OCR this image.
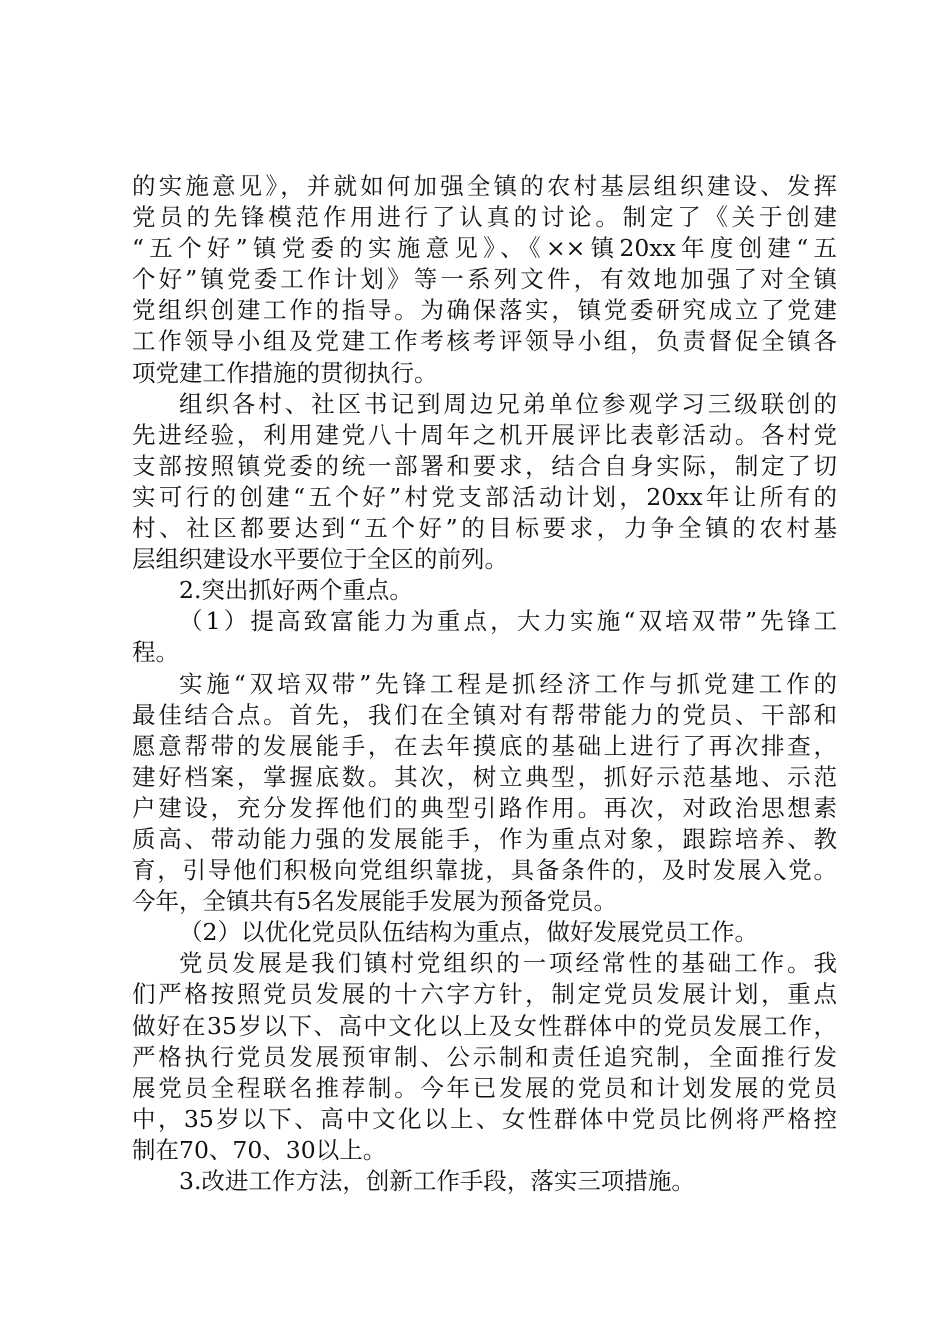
的实施意见》，并就如何加强全镇的农村基层组织建设、发挥
党员的先锋模范作用进行了认真的讨论。制定了《关于创建
“五个好”镇党委的实施意见》、《××镇20xx年度创建“五
个好”镇党委工作计划》等一系列文件，有效地加强了对全镇
党组织创建工作的指导。为确保落实，镇党委研究成立了党建
工作领导小组及党建工作考核考评领导小组，负责督促全镇各
项党建工作措施的贯彻执行。
组织各村、社区书记到周边兄弟单位参观学习三级联创的
先进经验，利用建党八十周年之机开展评比表彰活动。各村党
支部按照镇党委的统一部署和要求，结合自身实际，制定了切
实可行的创建“五个好”村党支部活动计划，20xx年让所有的
村、社区都要达到“五个好”的目标要求，力争全镇的农村基
层组织建设水平要位于全区的前列。
2.突出抓好两个重点。
（1）提高致富能力为重点，大力实施“双培双带”先锋工
程。
实施“双培双带”先锋工程是抓经济工作与抓党建工作的
最佳结合点。首先，我们在全镇对有帮带能力的党员、干部和
愿意帮带的发展能手，在去年摸底的基础上进行了再次排查，
建好档案，掌握底数。其次，树立典型，抓好示范基地、示范
户建设，充分发挥他们的典型引路作用。再次，对政治思想素
质高、带动能力强的发展能手，作为重点对象，跟踪培养、教
育，引导他们积极向党组织靠拢，具备条件的，及时发展入党。
今年，全镇共有5名发展能手发展为预备党员。
（2）以优化党员队伍结构为重点，做好发展党员工作。
党员发展是我们镇村党组织的一项经常性的基础工作。我
们严格按照党员发展的十六字方针，制定党员发展计划，重点
做好在35岁以下、高中文化以上及女性群体中的党员发展工作，
严格执行党员发展预审制、公示制和责任追究制，全面推行发
展党员全程联名推荐制。今年已发展的党员和计划发展的党员
中，35岁以下、高中文化以上、女性群体中党员比例将严格控
制在70、70、30以上。
3.改进工作方法，创新工作手段，落实三项措施。
